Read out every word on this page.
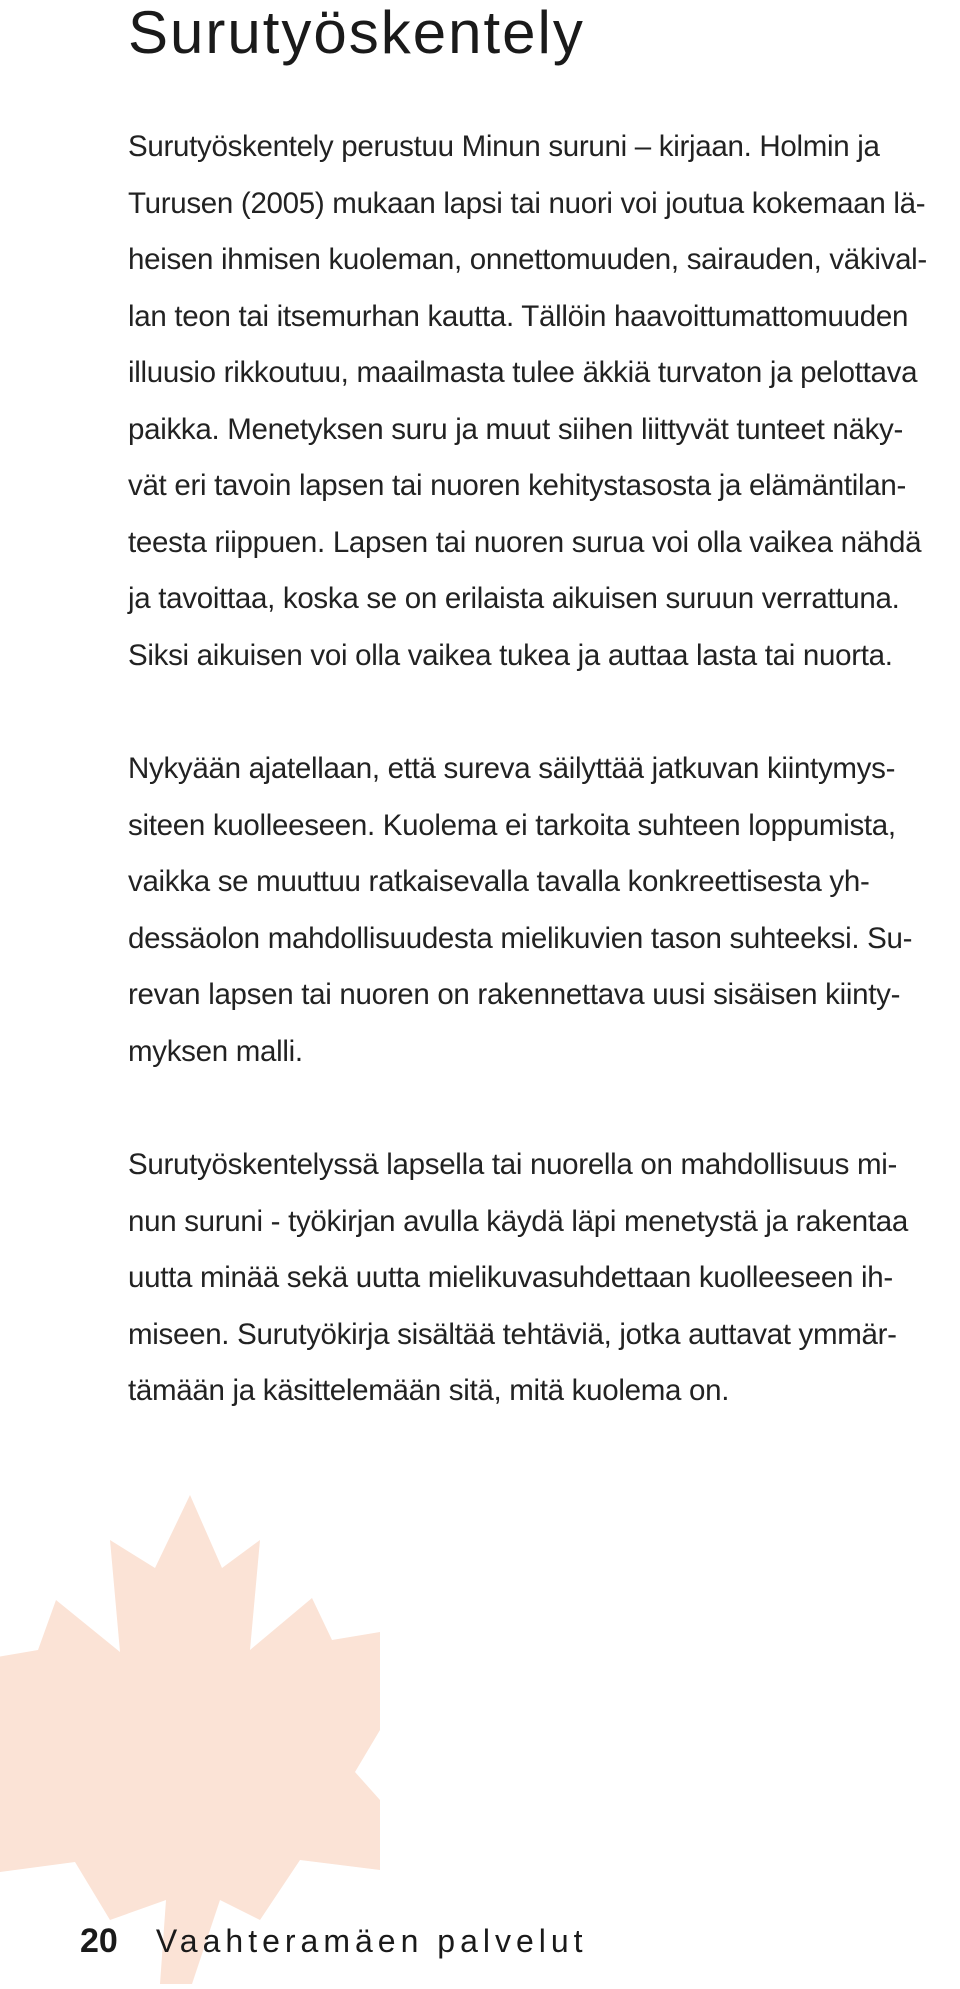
Surutyöskentely

Surutyöskentely perustuu Minun suruni – kirjaan. Holmin ja
Turusen (2005) mukaan lapsi tai nuori voi joutua kokemaan lä-
heisen ihmisen kuoleman, onnettomuuden, sairauden, väkival-
lan teon tai itsemurhan kautta. Tällöin haavoittumattomuuden
illuusio rikkoutuu, maailmasta tulee äkkiä turvaton ja pelottava
paikka. Menetyksen suru ja muut siihen liittyvät tunteet näky-
vät eri tavoin lapsen tai nuoren kehitystasosta ja elämäntilan-
teesta riippuen. Lapsen tai nuoren surua voi olla vaikea nähdä
ja tavoittaa, koska se on erilaista aikuisen suruun verrattuna.
Siksi aikuisen voi olla vaikea tukea ja auttaa lasta tai nuorta.

Nykyään ajatellaan, että sureva säilyttää jatkuvan kiintymys-
siteen kuolleeseen. Kuolema ei tarkoita suhteen loppumista,
vaikka se muuttuu ratkaisevalla tavalla konkreettisesta yh-
dessäolon mahdollisuudesta mielikuvien tason suhteeksi. Su-
revan lapsen tai nuoren on rakennettava uusi sisäisen kiinty-
myksen malli.

Surutyöskentelyssä lapsella tai nuorella on mahdollisuus mi-
nun suruni - työkirjan avulla käydä läpi menetystä ja rakentaa
uutta minää sekä uutta mielikuvasuhdettaan kuolleeseen ih-
miseen. Surutyökirja sisältää tehtäviä, jotka auttavat ymmär-
tämään ja käsittelemään sitä, mitä kuolema on.

20 Vaahteramäen palvelut
